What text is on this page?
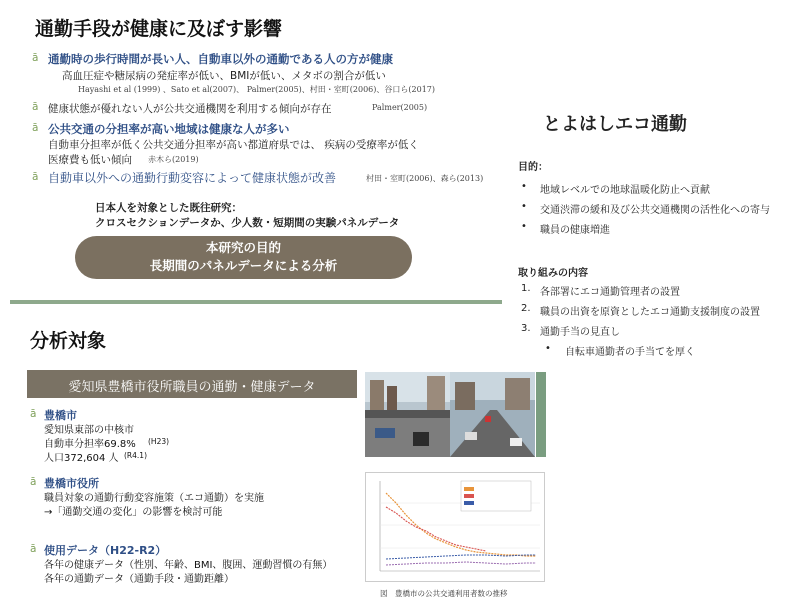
通勤手段が健康に及ぼす影響
ā 通勤時の歩行時間が長い人、自動車以外の通勤である人の方が健康
高血圧症や糖尿病の発症率が低い、BMIが低い、メタボの割合が低い
Hayashi et al (1999) 、Sato et al(2007)、 Palmer(2005)、村田・室町(2006)、谷口ら(2017)
ā 健康状態が優れない人が公共交通機関を利用する傾向が存在	Palmer(2005)
ā 公共交通の分担率が高い地域は健康な人が多い
自動車分担率が低く公共交通分担率が高い都道府県では、 疾病の受療率が低く
医療費も低い傾向 赤木ら(2019)
ā 自動車以外への通勤行動変容によって健康状態が改善	村田・室町(2006)、森ら(2013)
日本人を対象とした既往研究：
クロスセクションデータか、少人数・短期間の実験パネルデータ
本研究の目的
長期間のパネルデータによる分析
とよはしエコ通勤
目的：
• 地域レベルでの地球温暖化防止へ貢献
• 交通渋滞の緩和及び公共交通機関の活性化への寄与
• 職員の健康増進
取り組みの内容
1. 各部署にエコ通勤管理者の設置
2. 職員の出資を原資としたエコ通勤支援制度の設置
3. 通勤手当の見直し
• 自転車通勤者の手当てを厚く
分析対象
愛知県豊橋市役所職員の通勤・健康データ
ā 豊橋市
愛知県東部の中核市
自動車分担率69.8% (H23)
人口372,604 人 (R4.1)
ā 豊橋市役所
職員対象の通勤行動変容施策（エコ通勤）を実施
→「通勤交通の変化」の影響を検討可能
ā 使用データ（H22-R2）
各年の健康データ（性別、年齢、BMI、腹囲、運動習慣の有無）
各年の通勤データ（通勤手段・通勤距離）
図　豊橋市の公共交通利用者数の推移
